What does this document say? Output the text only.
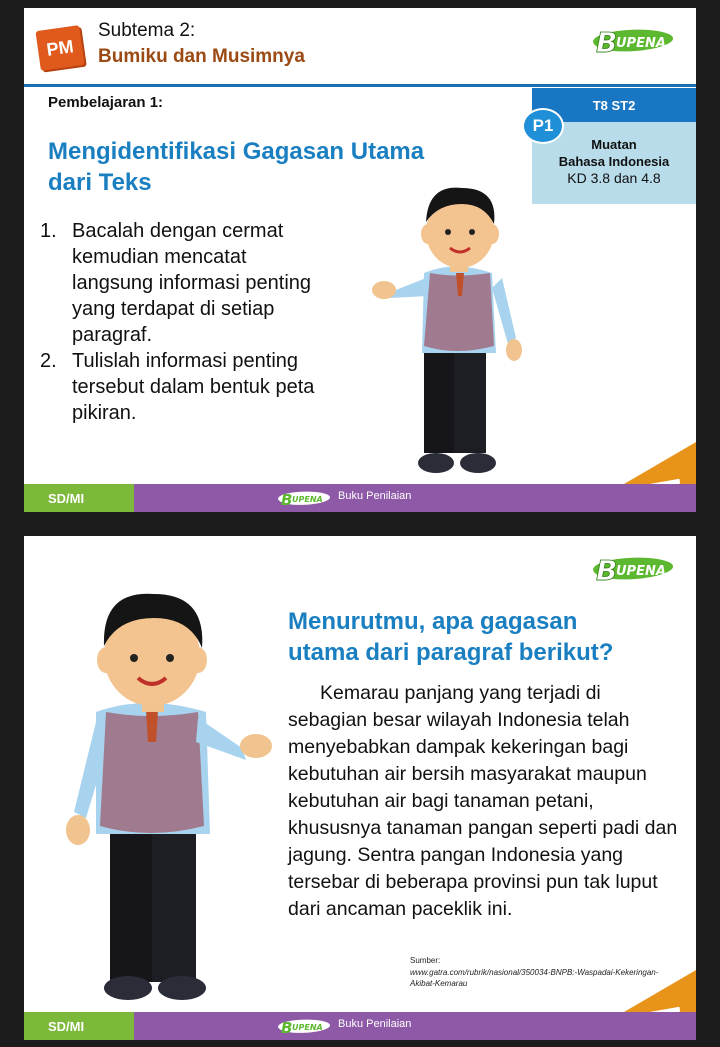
PM
Subtema 2:
Bumiku dan Musimnya	B
UPENA
Pembelajaran 1:	T8 ST2
Muatan
Bahasa Indonesia
KD 3.8 dan 4.8
P1
Mengidentifikasi Gagasan Utama
dari Teks
1. Bacalah dengan cermat kemudian mencatat langsung informasi penting yang terdapat di setiap paragraf.
2. Tulislah informasi penting tersebut dalam bentuk peta pikiran.
SD/MI	B UPENA Buku Penilaian
B
UPENA
Menurutmu, apa gagasan
utama dari paragraf berikut?

Kemarau panjang yang terjadi di sebagian besar wilayah Indonesia telah menyebabkan dampak kekeringan bagi kebutuhan air bersih masyarakat maupun kebutuhan air bagi tanaman petani, khususnya tanaman pangan seperti padi dan jagung. Sentra pangan Indonesia yang tersebar di beberapa provinsi pun tak luput dari ancaman paceklik ini.

Sumber:
www.gatra.com/rubrik/nasional/350034-BNPB:-Waspadai-Kekeringan-Akibat-Kemarau
SD/MI	B UPENA Buku Penilaian
